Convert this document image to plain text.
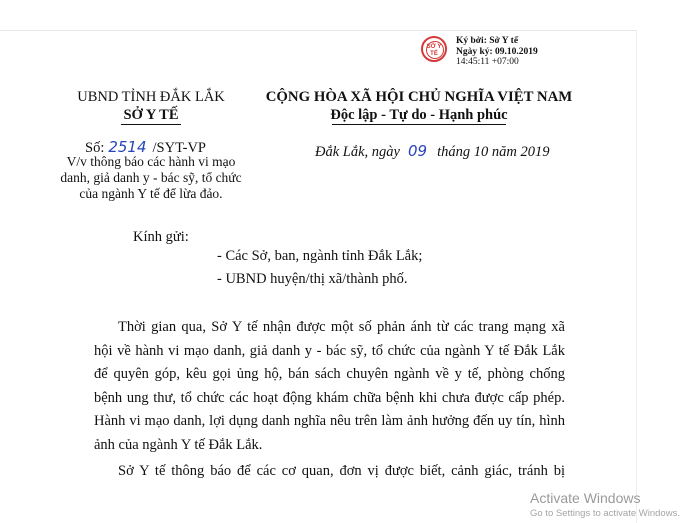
SỞ Y TẾ
Ký bởi: Sở Y tế
Ngày ký: 09.10.2019
14:45:11 +07:00
UBND TỈNH ĐẮK LẮK
SỞ Y TẾ
Số: 2514 /SYT-VP
V/v thông báo các hành vi mạo
danh, giả danh y - bác sỹ, tổ chức
của ngành Y tế để lừa đảo.
CỘNG HÒA XÃ HỘI CHỦ NGHĨA VIỆT NAM
Độc lập - Tự do - Hạnh phúc
Đắk Lắk, ngày 09 tháng 10 năm 2019
Kính gửi:
- Các Sở, ban, ngành tỉnh Đắk Lắk;
- UBND huyện/thị xã/thành phố.
Thời gian qua, Sở Y tế nhận được một số phản ánh từ các trang mạng xã
hội về hành vi mạo danh, giả danh y - bác sỹ, tổ chức của ngành Y tế Đắk Lắk
để quyên góp, kêu gọi ủng hộ, bán sách chuyên ngành về y tế, phòng chống
bệnh ung thư, tổ chức các hoạt động khám chữa bệnh khi chưa được cấp phép.
Hành vi mạo danh, lợi dụng danh nghĩa nêu trên làm ảnh hưởng đến uy tín, hình
ảnh của ngành Y tế Đắk Lắk.
Sở Y tế thông báo để các cơ quan, đơn vị được biết, cảnh giác, tránh bị
Activate Windows
Go to Settings to activate Windows.
